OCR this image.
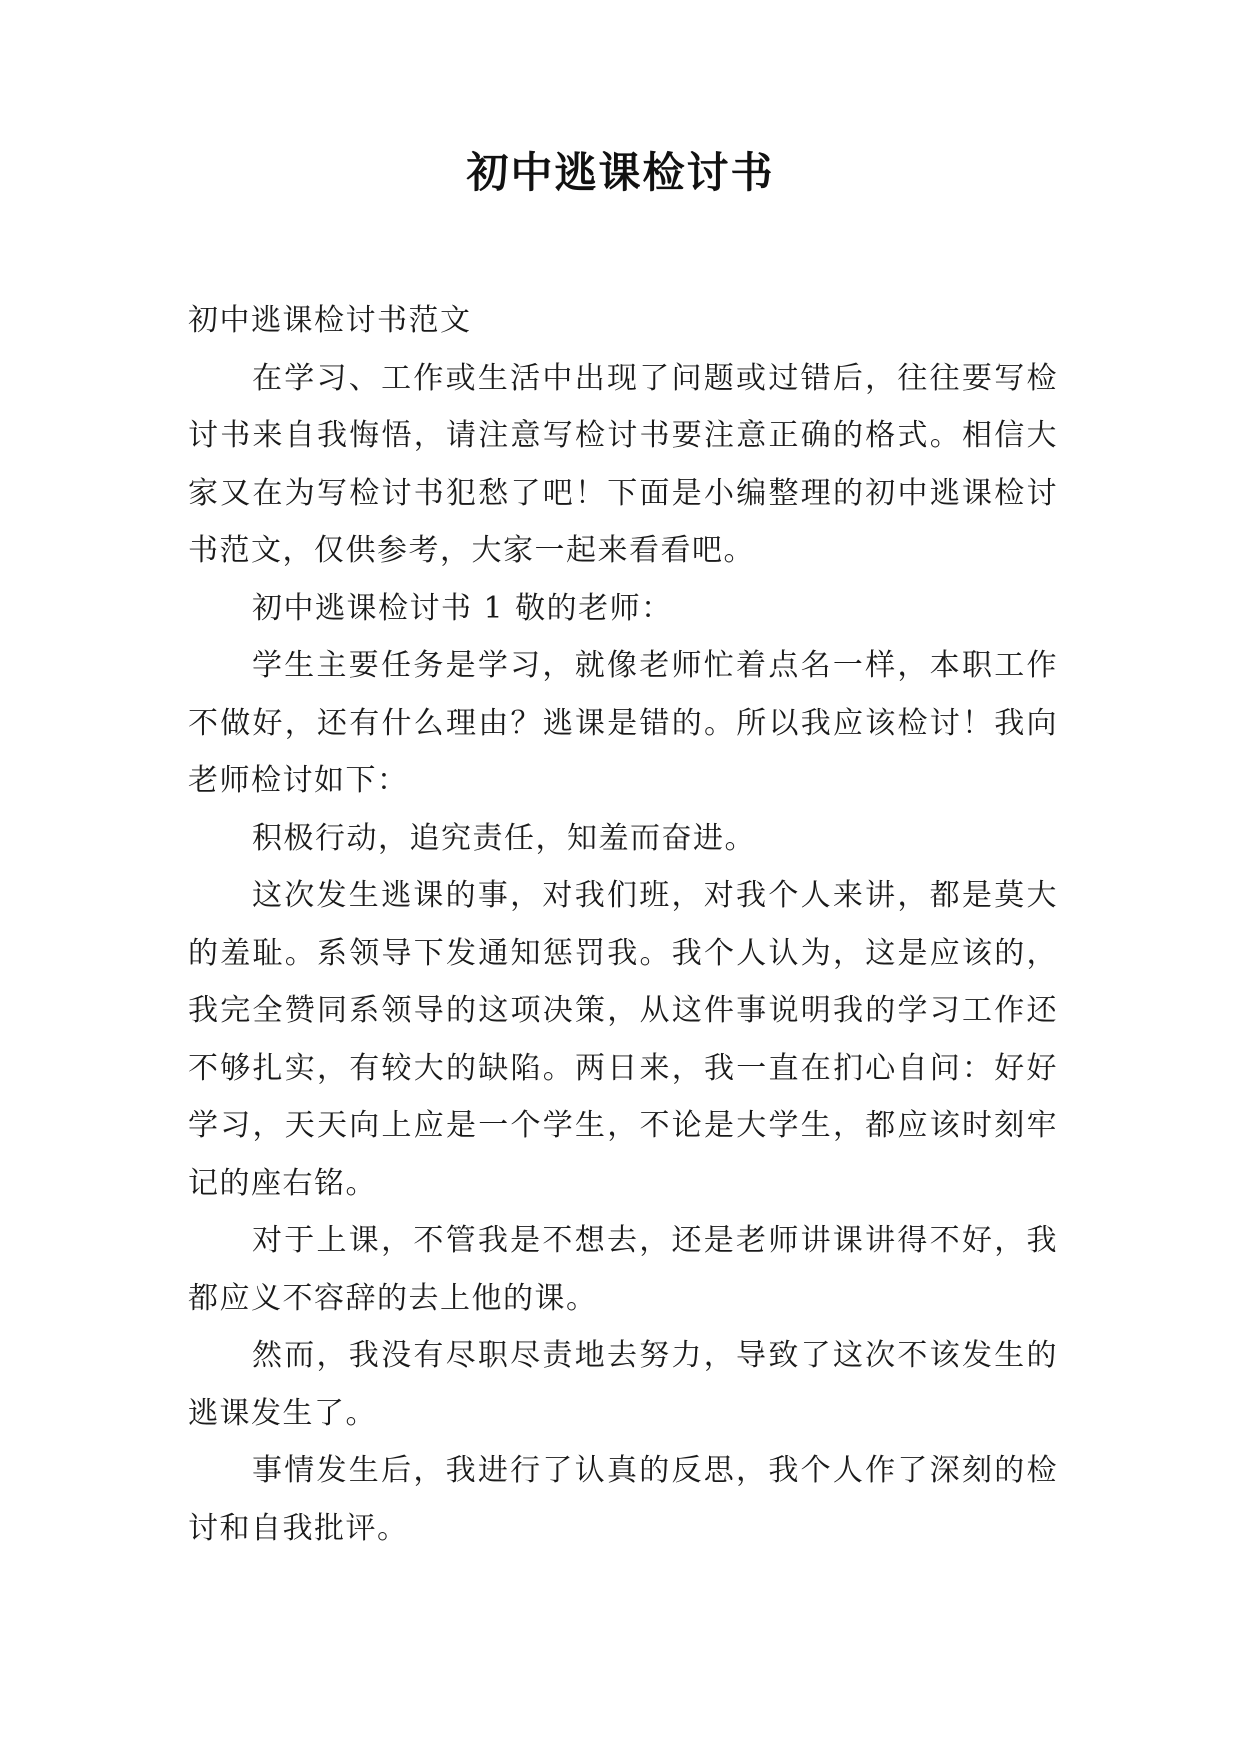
初中逃课检讨书

初中逃课检讨书范文

在学习、工作或生活中出现了问题或过错后，往往要写检讨书来自我悔悟，请注意写检讨书要注意正确的格式。相信大家又在为写检讨书犯愁了吧！下面是小编整理的初中逃课检讨书范文，仅供参考，大家一起来看看吧。

初中逃课检讨书 1 敬的老师：

学生主要任务是学习，就像老师忙着点名一样，本职工作不做好，还有什么理由？逃课是错的。所以我应该检讨！我向老师检讨如下：

积极行动，追究责任，知羞而奋进。

这次发生逃课的事，对我们班，对我个人来讲，都是莫大的羞耻。系领导下发通知惩罚我。我个人认为，这是应该的，我完全赞同系领导的这项决策，从这件事说明我的学习工作还不够扎实，有较大的缺陷。两日来，我一直在扪心自问：好好学习，天天向上应是一个学生，不论是大学生，都应该时刻牢记的座右铭。

对于上课，不管我是不想去，还是老师讲课讲得不好，我都应义不容辞的去上他的课。

然而，我没有尽职尽责地去努力，导致了这次不该发生的逃课发生了。

事情发生后，我进行了认真的反思，我个人作了深刻的检讨和自我批评。
